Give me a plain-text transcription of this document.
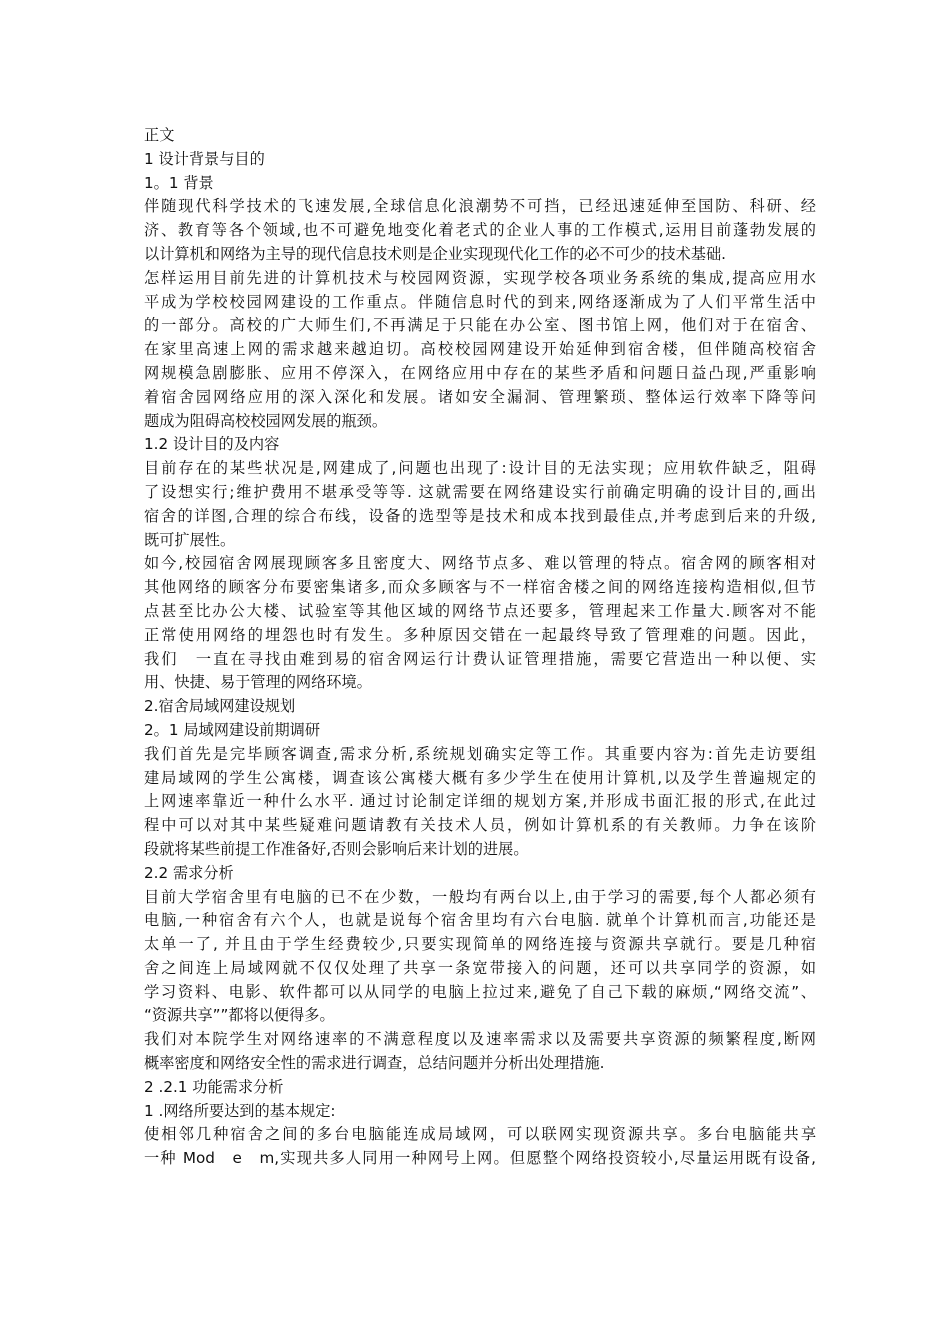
正文
1 设计背景与目的
1。1 背景
伴随现代科学技术的飞速发展,全球信息化浪潮势不可挡，已经迅速延伸至国防、科研、经
济、教育等各个领域,也不可避免地变化着老式的企业人事的工作模式,运用目前蓬勃发展的
以计算机和网络为主导的现代信息技术则是企业实现现代化工作的必不可少的技术基础.
怎样运用目前先进的计算机技术与校园网资源，实现学校各项业务系统的集成,提高应用水
平成为学校校园网建设的工作重点。伴随信息时代的到来,网络逐渐成为了人们平常生活中
的一部分。高校的广大师生们,不再满足于只能在办公室、图书馆上网，他们对于在宿舍、
在家里高速上网的需求越来越迫切。高校校园网建设开始延伸到宿舍楼，但伴随高校宿舍
网规模急剧膨胀、应用不停深入，在网络应用中存在的某些矛盾和问题日益凸现,严重影响
着宿舍园网络应用的深入深化和发展。诸如安全漏洞、管理繁琐、整体运行效率下降等问
题成为阻碍高校校园网发展的瓶颈。
1.2 设计目的及内容
目前存在的某些状况是,网建成了,问题也出现了:设计目的无法实现；应用软件缺乏，阻碍
了设想实行;维护费用不堪承受等等. 这就需要在网络建设实行前确定明确的设计目的,画出
宿舍的详图,合理的综合布线，设备的选型等是技术和成本找到最佳点,并考虑到后来的升级,
既可扩展性。
如今,校园宿舍网展现顾客多且密度大、网络节点多、难以管理的特点。宿舍网的顾客相对
其他网络的顾客分布要密集诸多,而众多顾客与不一样宿舍楼之间的网络连接构造相似,但节
点甚至比办公大楼、试验室等其他区域的网络节点还要多，管理起来工作量大.顾客对不能
正常使用网络的埋怨也时有发生。多种原因交错在一起最终导致了管理难的问题。因此，
我们　一直在寻找由难到易的宿舍网运行计费认证管理措施，需要它营造出一种以便、实
用、快捷、易于管理的网络环境。
2.宿舍局域网建设规划
2。1 局域网建设前期调研
我们首先是完毕顾客调查,需求分析,系统规划确实定等工作。其重要内容为:首先走访要组
建局域网的学生公寓楼，调查该公寓楼大概有多少学生在使用计算机,以及学生普遍规定的
上网速率靠近一种什么水平. 通过讨论制定详细的规划方案,并形成书面汇报的形式,在此过
程中可以对其中某些疑难问题请教有关技术人员，例如计算机系的有关教师。力争在该阶
段就将某些前提工作准备好,否则会影响后来计划的进展。
2.2 需求分析
目前大学宿舍里有电脑的已不在少数，一般均有两台以上,由于学习的需要,每个人都必须有
电脑,一种宿舍有六个人，也就是说每个宿舍里均有六台电脑. 就单个计算机而言,功能还是
太单一了, 并且由于学生经费较少,只要实现简单的网络连接与资源共享就行。要是几种宿
舍之间连上局域网就不仅仅处理了共享一条宽带接入的问题，还可以共享同学的资源，如
学习资料、电影、软件都可以从同学的电脑上拉过来,避免了自己下载的麻烦,“网络交流”、
“资源共享””都将以便得多。
我们对本院学生对网络速率的不满意程度以及速率需求以及需要共享资源的频繁程度,断网
概率密度和网络安全性的需求进行调查，总结问题并分析出处理措施.
2 .2.1 功能需求分析
1 .网络所要达到的基本规定:
使相邻几种宿舍之间的多台电脑能连成局域网，可以联网实现资源共享。多台电脑能共享
一种 Mod　e　m,实现共多人同用一种网号上网。但愿整个网络投资较小,尽量运用既有设备,
